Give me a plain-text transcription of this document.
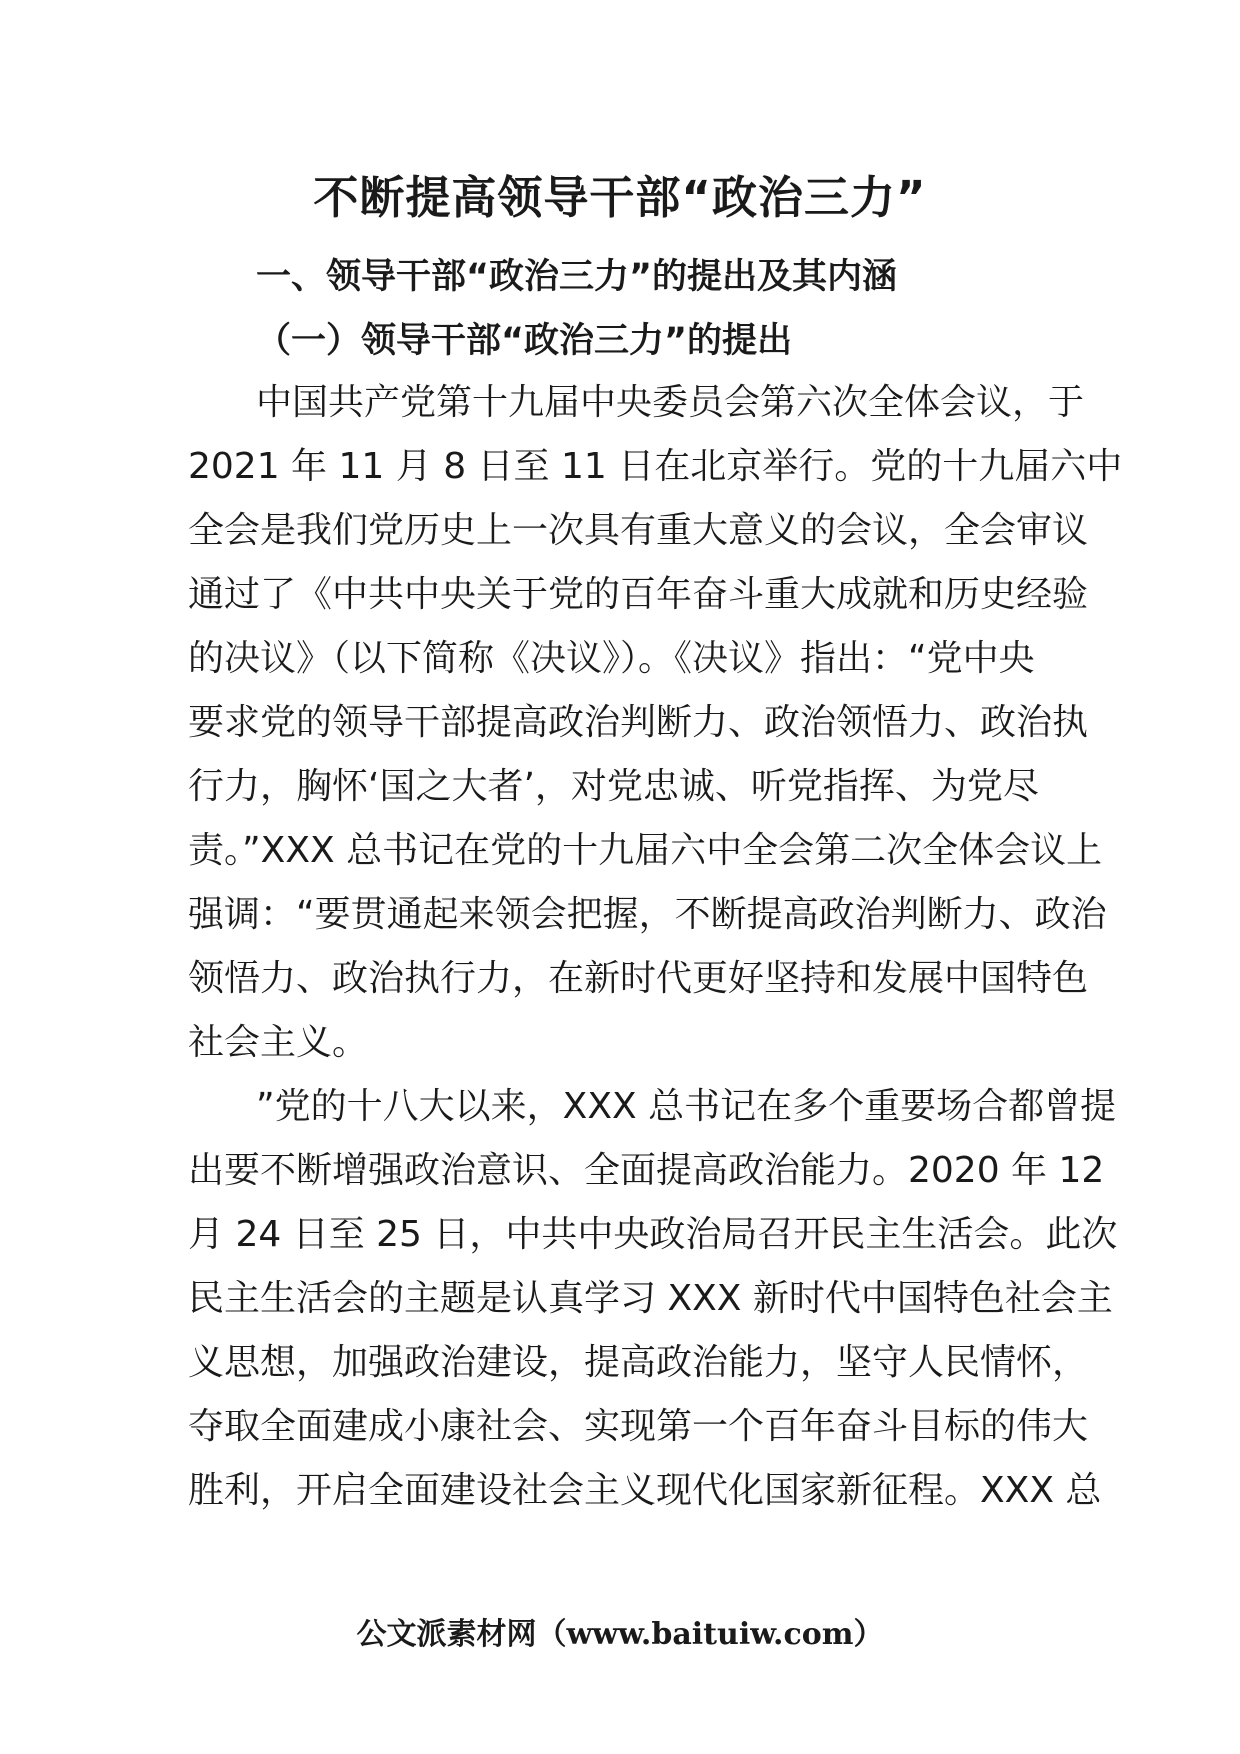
不断提高领导干部“政治三力”
一、领导干部“政治三力”的提出及其内涵
（一）领导干部“政治三力”的提出

中国共产党第十九届中央委员会第六次全体会议，于

2021 年 11 月 8 日至 11 日在北京举行。党的十九届六中

全会是我们党历史上一次具有重大意义的会议，全会审议

通过了《中共中央关于党的百年奋斗重大成就和历史经验

的决议》（以下简称《决议》）。《决议》指出：“党中央

要求党的领导干部提高政治判断力、政治领悟力、政治执

行力，胸怀‘国之大者’，对党忠诚、听党指挥、为党尽

责。”XXX 总书记在党的十九届六中全会第二次全体会议上

强调：“要贯通起来领会把握，不断提高政治判断力、政治

领悟力、政治执行力，在新时代更好坚持和发展中国特色

社会主义。

”党的十八大以来，XXX 总书记在多个重要场合都曾提

出要不断增强政治意识、全面提高政治能力。2020 年 12

月 24 日至 25 日，中共中央政治局召开民主生活会。此次

民主生活会的主题是认真学习 XXX 新时代中国特色社会主

义思想，加强政治建设，提高政治能力，坚守人民情怀，

夺取全面建成小康社会、实现第一个百年奋斗目标的伟大

胜利，开启全面建设社会主义现代化国家新征程。XXX 总

公文派素材网（www.baituiw.com）
